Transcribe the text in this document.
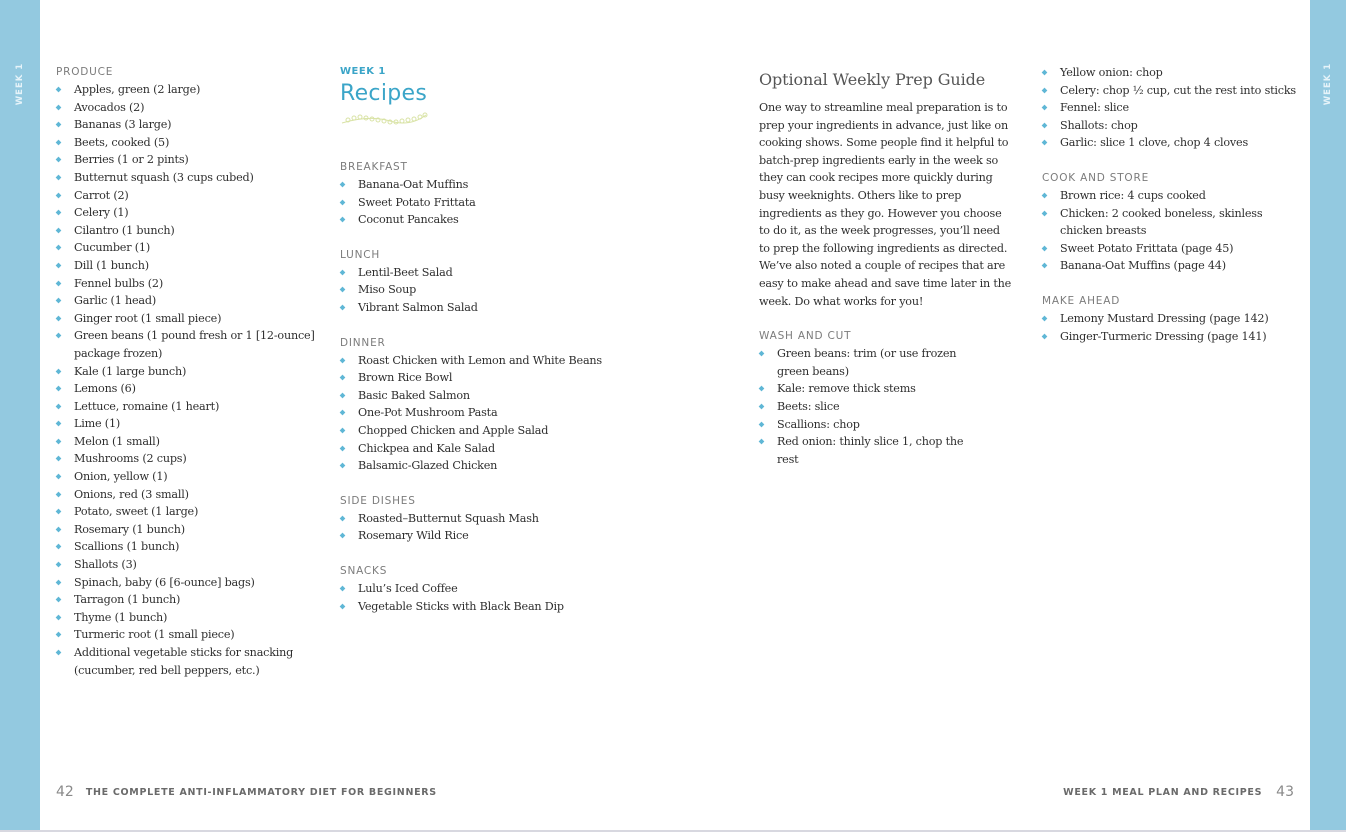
WEEK 1	WEEK 1
PRODUCE
Apples, green (2 large)
Avocados (2)
Bananas (3 large)
Beets, cooked (5)
Berries (1 or 2 pints)
Butternut squash (3 cups cubed)
Carrot (2)
Celery (1)
Cilantro (1 bunch)
Cucumber (1)
Dill (1 bunch)
Fennel bulbs (2)
Garlic (1 head)
Ginger root (1 small piece)
Green beans (1 pound fresh or 1 [12-ounce] package frozen)
Kale (1 large bunch)
Lemons (6)
Lettuce, romaine (1 heart)
Lime (1)
Melon (1 small)
Mushrooms (2 cups)
Onion, yellow (1)
Onions, red (3 small)
Potato, sweet (1 large)
Rosemary (1 bunch)
Scallions (1 bunch)
Shallots (3)
Spinach, baby (6 [6-ounce] bags)
Tarragon (1 bunch)
Thyme (1 bunch)
Turmeric root (1 small piece)
Additional vegetable sticks for snacking (cucumber, red bell peppers, etc.)
WEEK 1
Recipes
BREAKFAST
Banana-Oat Muffins
Sweet Potato Frittata
Coconut Pancakes
LUNCH
Lentil-Beet Salad
Miso Soup
Vibrant Salmon Salad
DINNER
Roast Chicken with Lemon and White Beans
Brown Rice Bowl
Basic Baked Salmon
One-Pot Mushroom Pasta
Chopped Chicken and Apple Salad
Chickpea and Kale Salad
Balsamic-Glazed Chicken
SIDE DISHES
Roasted–Butternut Squash Mash
Rosemary Wild Rice
SNACKS
Lulu’s Iced Coffee
Vegetable Sticks with Black Bean Dip
Optional Weekly Prep Guide

One way to streamline meal preparation is to prep your ingredients in advance, just like on cooking shows. Some people find it helpful to batch-prep ingredients early in the week so they can cook recipes more quickly during busy weeknights. Others like to prep ingredients as they go. However you choose to do it, as the week progresses, you’ll need to prep the following ingredients as directed. We’ve also noted a couple of recipes that are easy to make ahead and save time later in the week. Do what works for you!

WASH AND CUT
Green beans: trim (or use frozen green beans)
Kale: remove thick stems
Beets: slice
Scallions: chop
Red onion: thinly slice 1, chop the rest
Yellow onion: chop
Celery: chop ½ cup, cut the rest into sticks
Fennel: slice
Shallots: chop
Garlic: slice 1 clove, chop 4 cloves
COOK AND STORE
Brown rice: 4 cups cooked
Chicken: 2 cooked boneless, skinless chicken breasts
Sweet Potato Frittata (page 45)
Banana-Oat Muffins (page 44)
MAKE AHEAD
Lemony Mustard Dressing (page 142)
Ginger-Turmeric Dressing (page 141)
42 THE COMPLETE ANTI-INFLAMMATORY DIET FOR BEGINNERS	WEEK 1 MEAL PLAN AND RECIPES 43
